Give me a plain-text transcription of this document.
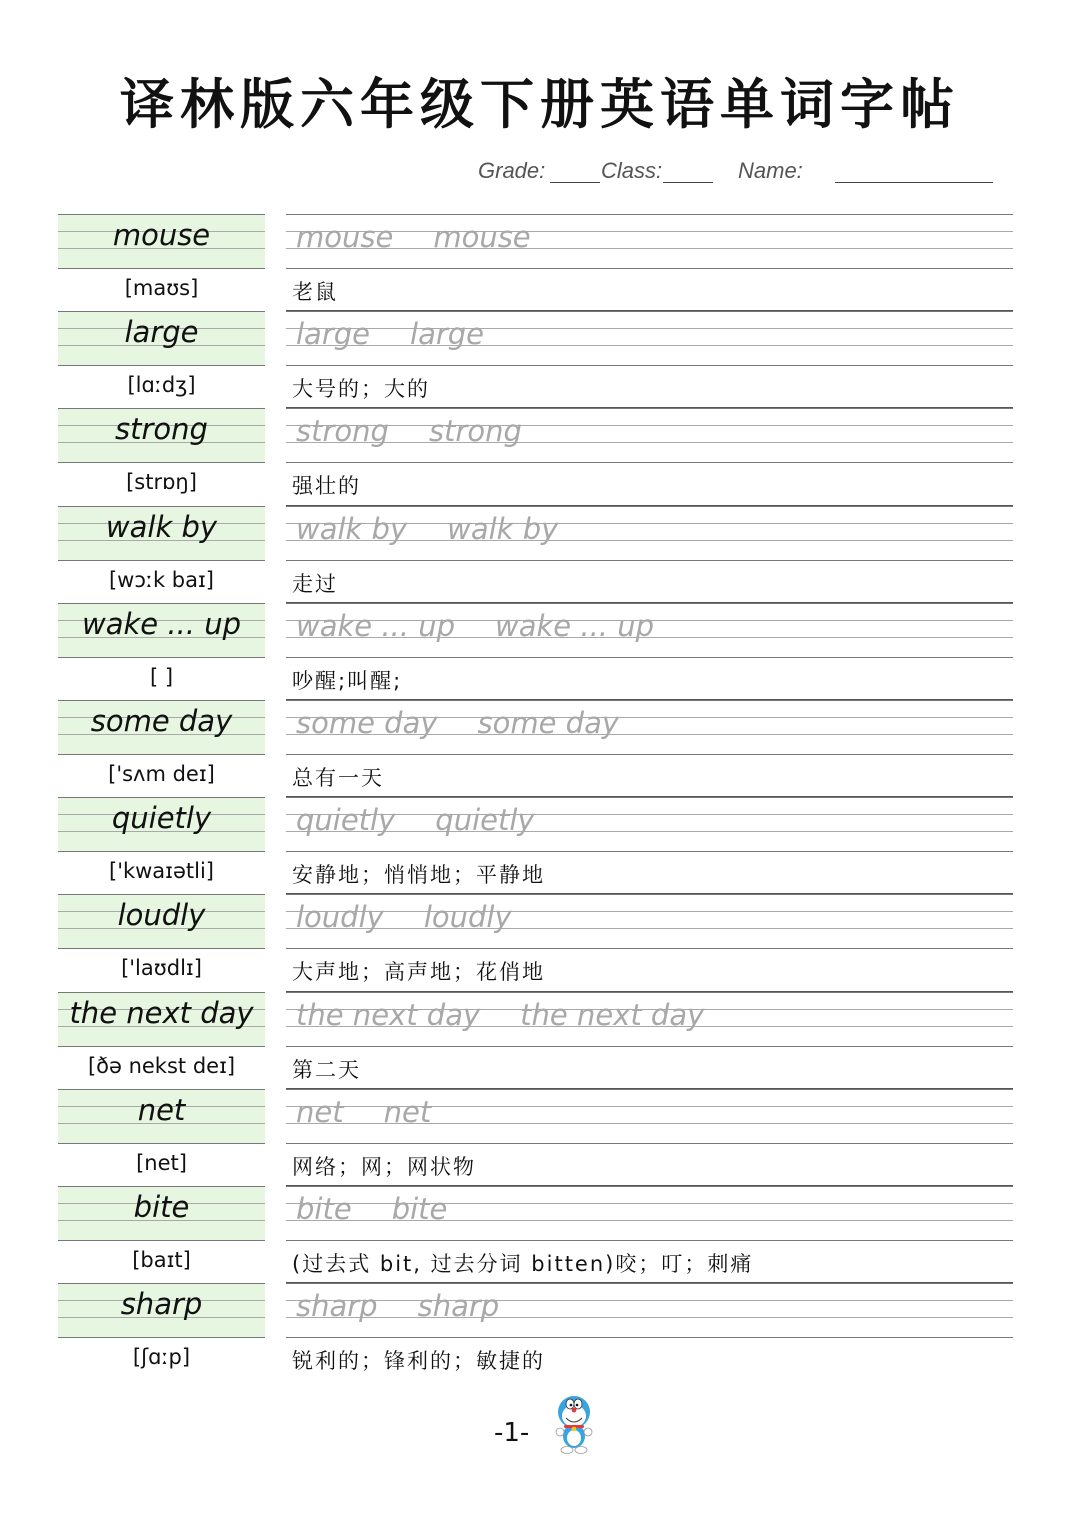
译林版六年级下册英语单词字帖
Grade:	Class:	Name:
mouse	mouse mouse
[maʊs]	老鼠
large	large large
[lɑːdʒ]	大号的；大的
strong	strong strong
[strɒŋ]	强壮的
walk by	walk by walk by
[wɔːk baɪ]	走过
wake ... up	wake ... up wake ... up
[ ]	吵醒;叫醒;
some day	some day some day
['sʌm deɪ]	总有一天
quietly	quietly quietly
['kwaɪətli]	安静地；悄悄地；平静地
loudly	loudly loudly
['laʊdlɪ]	大声地；高声地；花俏地
the next day	the next day the next day
[ðə nekst deɪ]	第二天
net	net net
[net]	网络；网；网状物
bite	bite bite
[baɪt]	(过去式 bit, 过去分词 bitten)咬；叮；刺痛
sharp	sharp sharp
[ʃɑːp]	锐利的；锋利的；敏捷的
-1-
